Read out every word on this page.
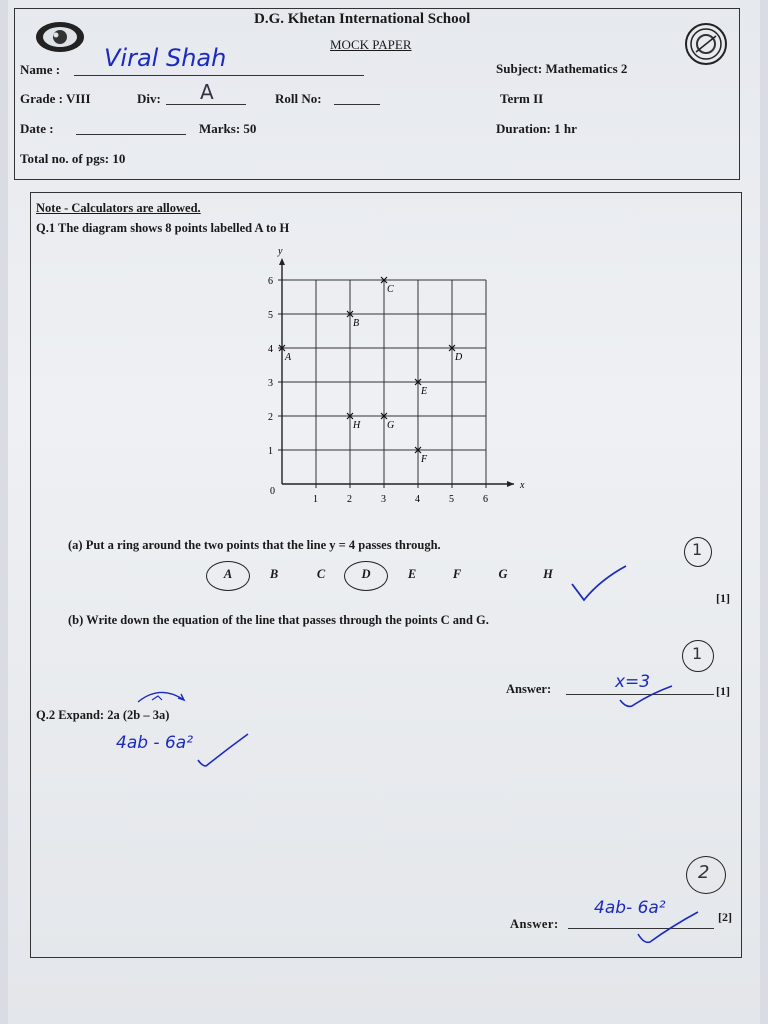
D.G. Khetan International School
MOCK PAPER
Name : Viral Shah	Subject: Mathematics 2
Grade : VIII	Div: A	Roll No:	Term II
Date :	Marks: 50	Duration: 1 hr
Total no. of pgs: 10
Note - Calculators are allowed.
Q.1 The diagram shows 8 points labelled A to H
x
y
0
1	2	3	4	5	6
1
2
3
4
5
6
A
B
C
D
E
F
G
H
(a) Put a ring around the two points that the line y = 4 passes through.
A	B	C	D	E	F	G	H
1
[1]
(b) Write down the equation of the line that passes through the points C and G.
1
Answer:	x=3	[1]
Q.2 Expand: 2a (2b – 3a)
4ab - 6a²
2
Answer:
4ab- 6a²	[2]
